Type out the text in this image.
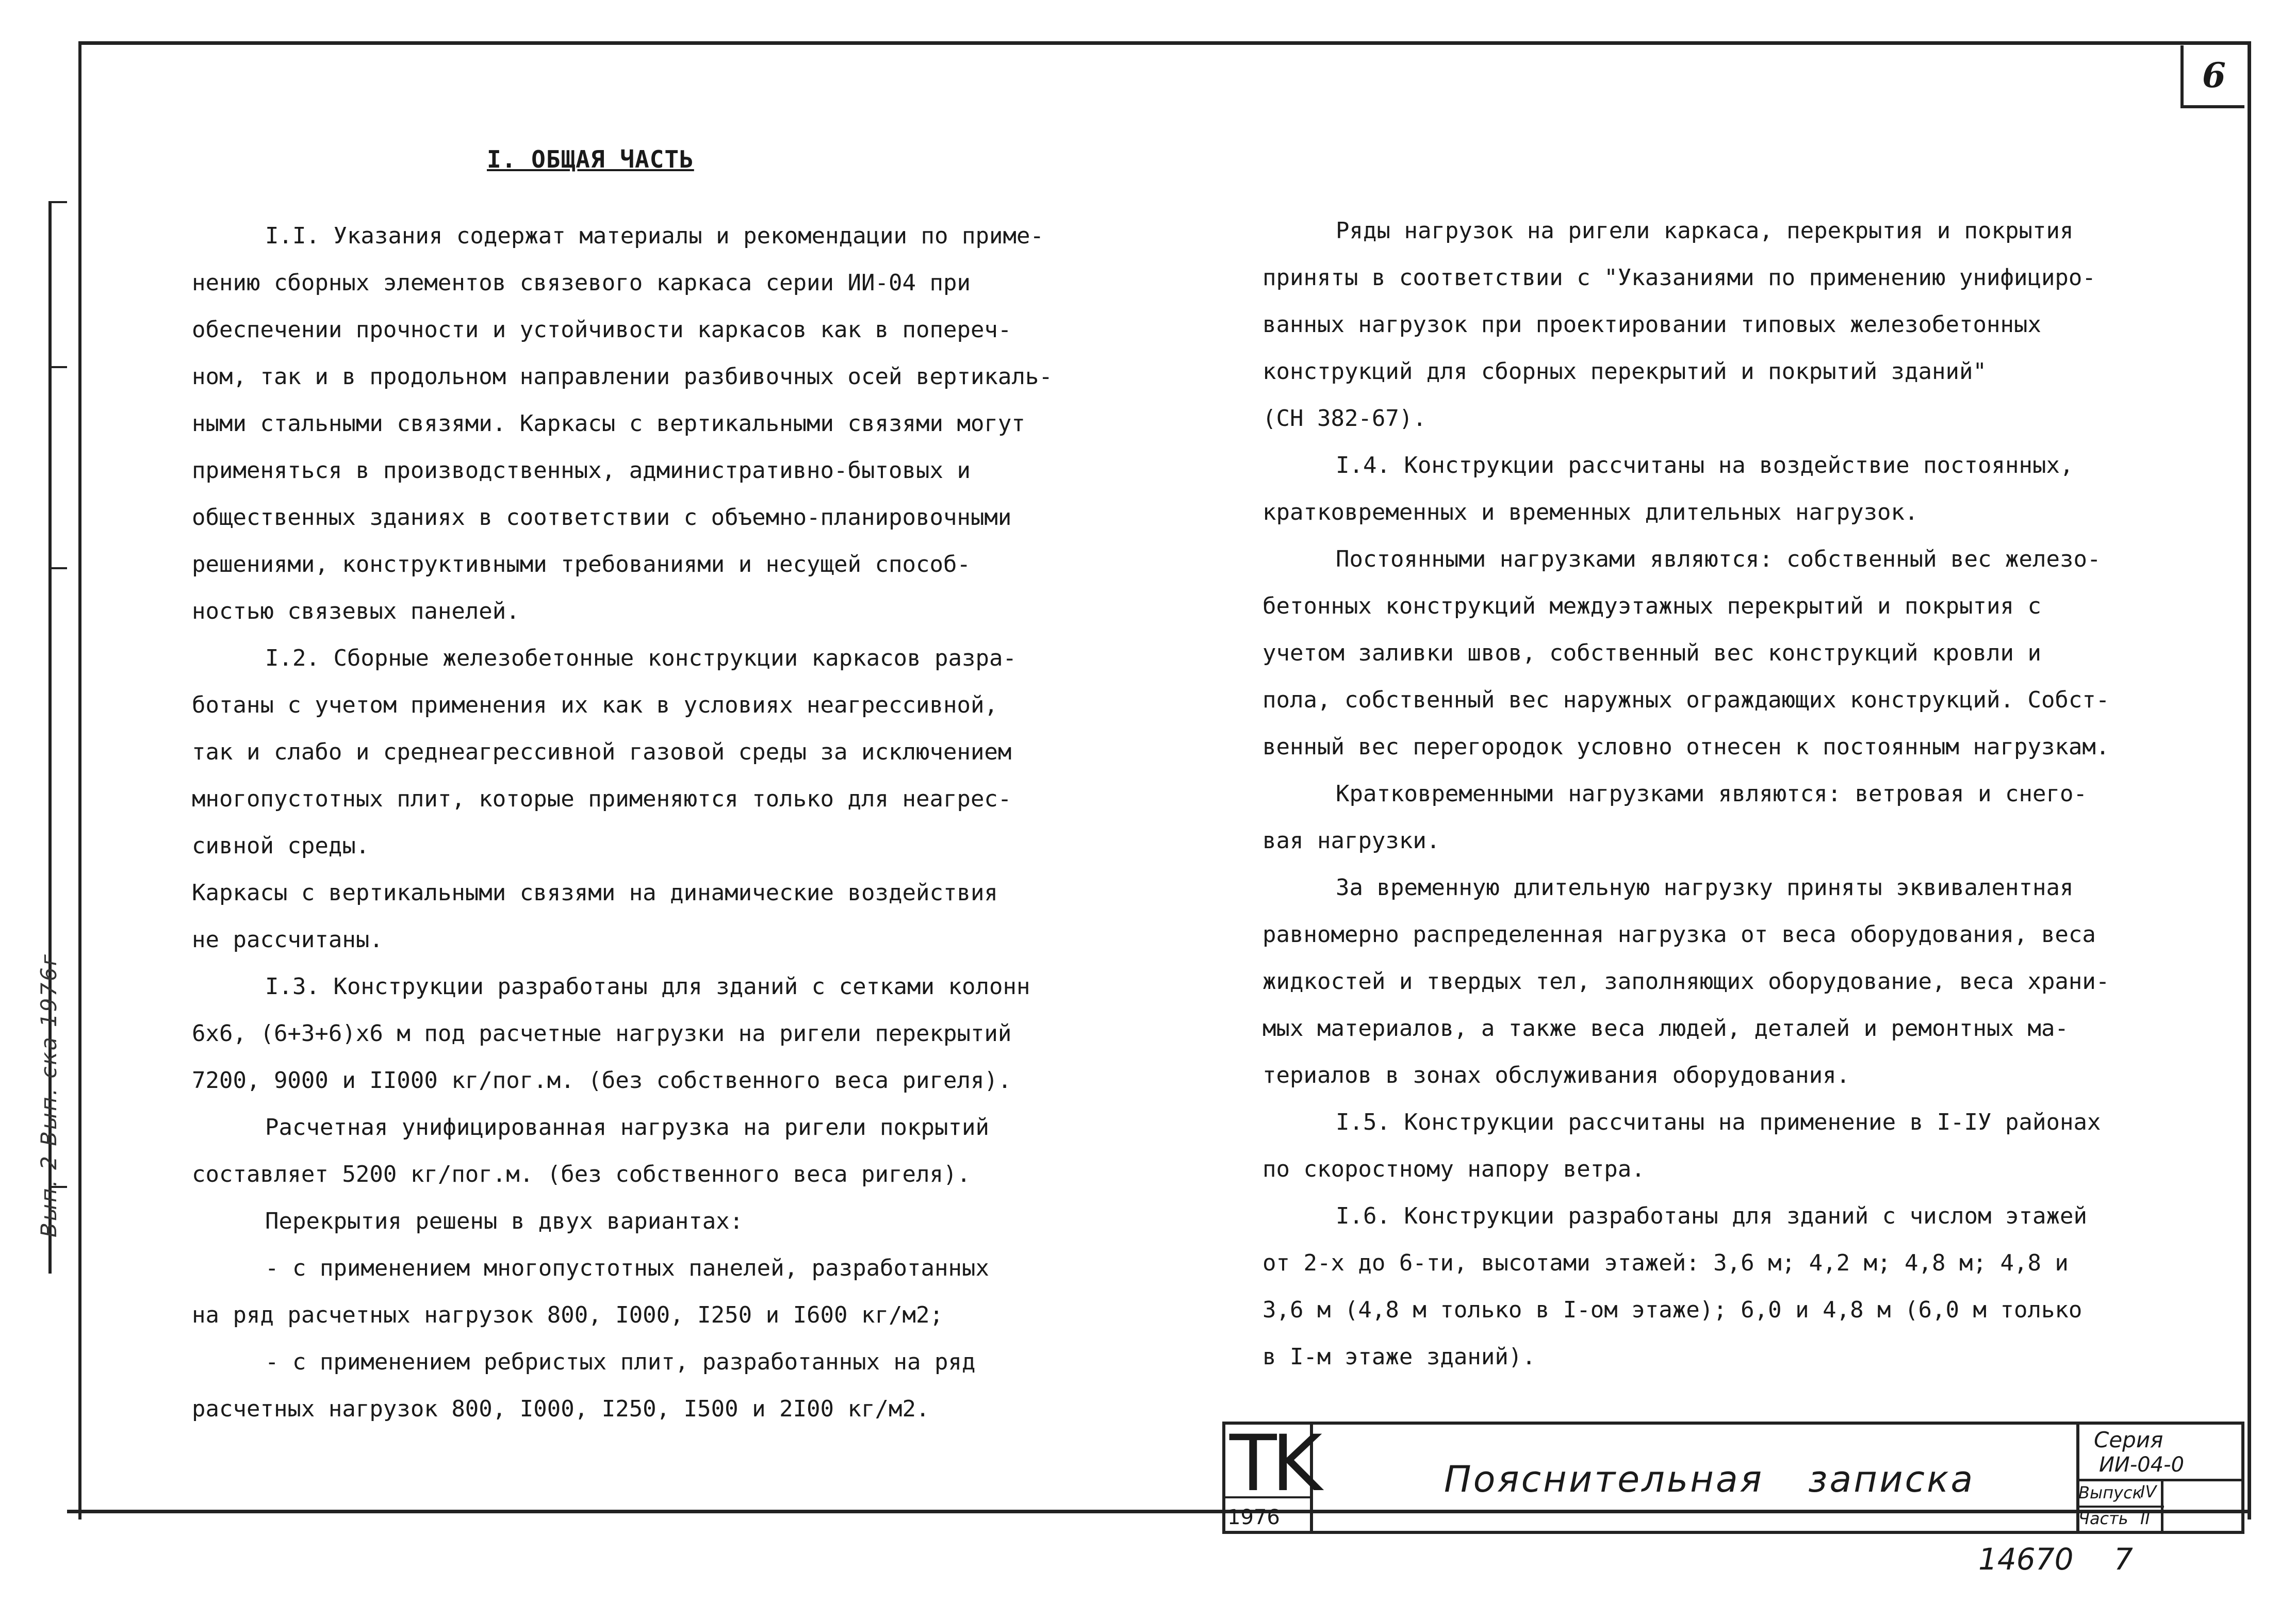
6
Вып. 2 Вып. ска 1976г
I. ОБЩАЯ ЧАСТЬ
I.I. Указания содержат материалы и рекомендации по приме-
нению сборных элементов связевого каркаса серии ИИ-04 при
обеспечении прочности и устойчивости каркасов как в попереч-
ном, так и в продольном направлении разбивочных осей вертикаль-
ными стальными связями. Каркасы с вертикальными связями могут
применяться в производственных, административно-бытовых и
общественных зданиях в соответствии с объемно-планировочными
решениями, конструктивными требованиями и несущей способ-
ностью связевых панелей.
I.2. Сборные железобетонные конструкции каркасов разра-
ботаны с учетом применения их как в условиях неагрессивной,
так и слабо и среднеагрессивной газовой среды за исключением
многопустотных плит, которые применяются только для неагрес-
сивной среды.
Каркасы с вертикальными связями на динамические воздействия
не рассчитаны.
I.3. Конструкции разработаны для зданий с сетками колонн
6х6, (6+3+6)х6 м под расчетные нагрузки на ригели перекрытий
7200, 9000 и II000 кг/пог.м. (без собственного веса ригеля).
Расчетная унифицированная нагрузка на ригели покрытий
составляет 5200 кг/пог.м. (без собственного веса ригеля).
Перекрытия решены в двух вариантах:
- с применением многопустотных панелей, разработанных
на ряд расчетных нагрузок 800, I000, I250 и I600 кг/м2;
- с применением ребристых плит, разработанных на ряд
расчетных нагрузок 800, I000, I250, I500 и 2I00 кг/м2.
Ряды нагрузок на ригели каркаса, перекрытия и покрытия
приняты в соответствии с "Указаниями по применению унифициро-
ванных нагрузок при проектировании типовых железобетонных
конструкций для сборных перекрытий и покрытий зданий"
(СН 382-67).
I.4. Конструкции рассчитаны на воздействие постоянных,
кратковременных и временных длительных нагрузок.
Постоянными нагрузками являются: собственный вес железо-
бетонных конструкций междуэтажных перекрытий и покрытия с
учетом заливки швов, собственный вес конструкций кровли и
пола, собственный вес наружных ограждающих конструкций. Собст-
венный вес перегородок условно отнесен к постоянным нагрузкам.
Кратковременными нагрузками являются: ветровая и снего-
вая нагрузки.
За временную длительную нагрузку приняты эквивалентная
равномерно распределенная нагрузка от веса оборудования, веса
жидкостей и твердых тел, заполняющих оборудование, веса храни-
мых материалов, а также веса людей, деталей и ремонтных ма-
териалов в зонах обслуживания оборудования.
I.5. Конструкции рассчитаны на применение в I-IУ районах
по скоростному напору ветра.
I.6. Конструкции разработаны для зданий с числом этажей
от 2-х до 6-ти, высотами этажей: 3,6 м; 4,2 м; 4,8 м; 4,8 и
3,6 м (4,8 м только в I-ом этаже); 6,0 и 4,8 м (6,0 м только
в I-м этаже зданий).
TK
1976
Пояснительная записка
Серия
ИИ-04-0
Выпуск
IV
Часть II
14670 7
